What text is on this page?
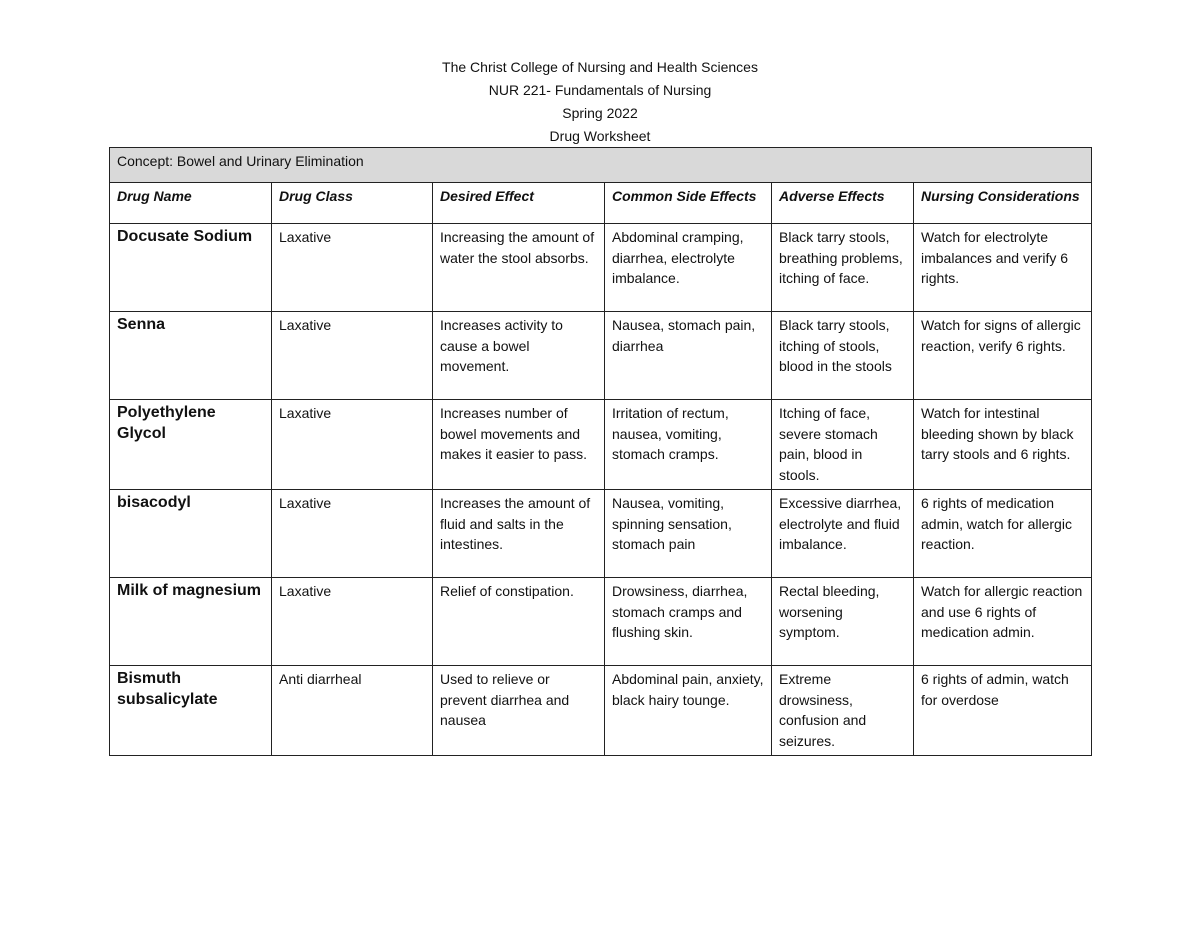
The Christ College of Nursing and Health Sciences
NUR 221- Fundamentals of Nursing
Spring 2022
Drug Worksheet
Concept: Bowel and Urinary Elimination					
Drug Name	Drug Class	Desired Effect	Common Side Effects	Adverse Effects	Nursing Considerations
Docusate Sodium	Laxative	Increasing the amount of water the stool absorbs.	Abdominal cramping, diarrhea, electrolyte imbalance.	Black tarry stools, breathing problems, itching of face.	Watch for electrolyte imbalances and verify 6 rights.
Senna	Laxative	Increases activity to cause a bowel movement.	Nausea, stomach pain, diarrhea	Black tarry stools, itching of stools, blood in the stools	Watch for signs of allergic reaction, verify 6 rights.
Polyethylene Glycol	Laxative	Increases number of bowel movements and makes it easier to pass.	Irritation of rectum, nausea, vomiting, stomach cramps.	Itching of face, severe stomach pain, blood in stools.	Watch for intestinal bleeding shown by black tarry stools and 6 rights.
bisacodyl	Laxative	Increases the amount of fluid and salts in the intestines.	Nausea, vomiting, spinning sensation, stomach pain	Excessive diarrhea, electrolyte and fluid imbalance.	6 rights of medication admin, watch for allergic reaction.
Milk of magnesium	Laxative	Relief of constipation.	Drowsiness, diarrhea, stomach cramps and flushing skin.	Rectal bleeding, worsening symptom.	Watch for allergic reaction and use 6 rights of medication admin.
Bismuth subsalicylate	Anti diarrheal	Used to relieve or prevent diarrhea and nausea	Abdominal pain, anxiety, black hairy tounge.	Extreme drowsiness, confusion and seizures.	6 rights of admin, watch for overdose
